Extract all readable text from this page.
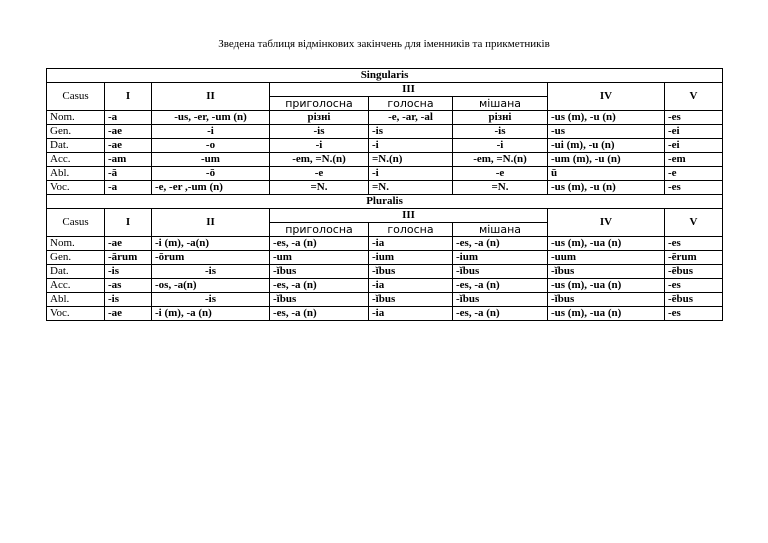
Зведена таблиця відмінкових закінчень для іменників та прикметників
Singularis							
Casus	I	II	III			IV	V
			приголосна	голосна	мішана		
Nom.	-a	-us, -er, -um (n)	різні	-e, -ar, -al	різні	-us (m), -u (n)	-es
Gen.	-ae	-i	-is	-is	-is	-us	-ei
Dat.	-ae	-o	-i	-i	-i	-ui (m), -u (n)	-ei
Acc.	-am	-um	-em, =N.(n)	=N.(n)	-em, =N.(n)	-um (m), -u (n)	-em
Abl.	-ā	-ō	-e	-i	-e	ū	-e
Voc.	-a	-e, -er ,-um (n)	=N.	=N.	=N.	-us (m), -u (n)	-es
Pluralis							
Casus	I	II	III			IV	V
			приголосна	голосна	мішана		
Nom.	-ae	-i (m), -a(n)	-es, -a (n)	-ia	-es, -a (n)	-us (m), -ua (n)	-es
Gen.	-ārum	-ōrum	-um	-ium	-ium	-uum	-ērum
Dat.	-is	-is	-ĭbus	-ĭbus	-ĭbus	-ĭbus	-ēbus
Acc.	-as	-os, -a(n)	-es, -a (n)	-ia	-es, -a (n)	-us (m), -ua (n)	-es
Abl.	-is	-is	-ĭbus	-ĭbus	-ĭbus	-ĭbus	-ēbus
Voc.	-ae	-i (m), -a (n)	-es, -a (n)	-ia	-es, -a (n)	-us (m), -ua (n)	-es
